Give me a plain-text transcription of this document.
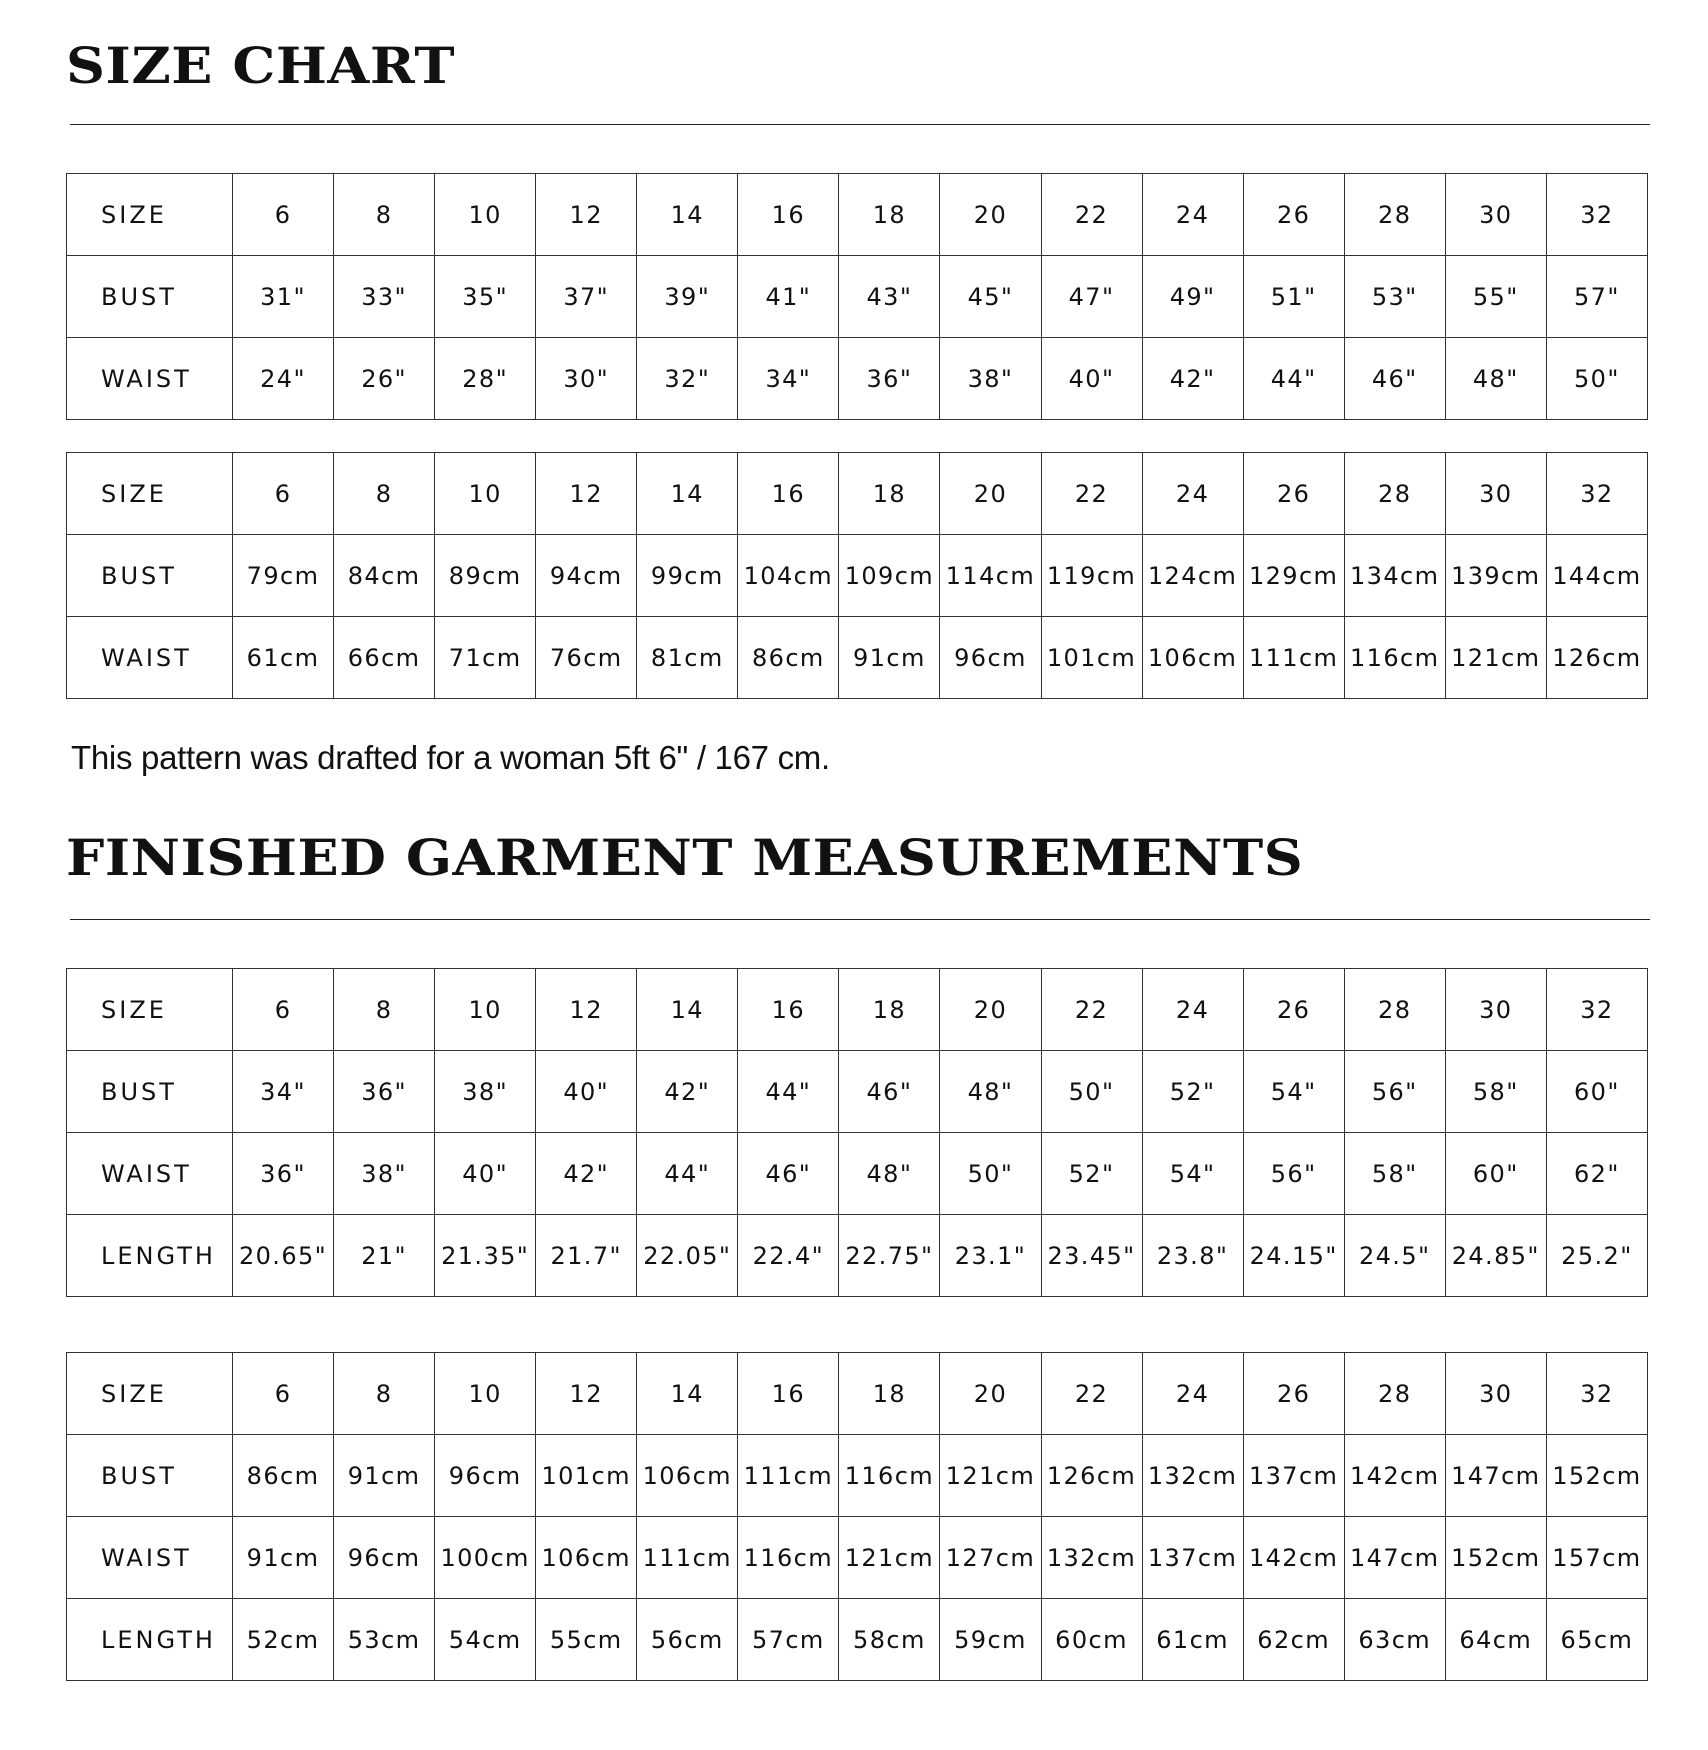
SIZE CHART
SIZE	6	8	10	12	14	16	18	20	22	24	26	28	30	32
BUST	31"	33"	35"	37"	39"	41"	43"	45"	47"	49"	51"	53"	55"	57"
WAIST	24"	26"	28"	30"	32"	34"	36"	38"	40"	42"	44"	46"	48"	50"
SIZE	6	8	10	12	14	16	18	20	22	24	26	28	30	32
BUST	79cm	84cm	89cm	94cm	99cm	104cm	109cm	114cm	119cm	124cm	129cm	134cm	139cm	144cm
WAIST	61cm	66cm	71cm	76cm	81cm	86cm	91cm	96cm	101cm	106cm	111cm	116cm	121cm	126cm

This pattern was drafted for a woman 5ft 6" / 167 cm.

FINISHED GARMENT MEASUREMENTS
SIZE	6	8	10	12	14	16	18	20	22	24	26	28	30	32
BUST	34"	36"	38"	40"	42"	44"	46"	48"	50"	52"	54"	56"	58"	60"
WAIST	36"	38"	40"	42"	44"	46"	48"	50"	52"	54"	56"	58"	60"	62"
LENGTH	20.65"	21"	21.35"	21.7"	22.05"	22.4"	22.75"	23.1"	23.45"	23.8"	24.15"	24.5"	24.85"	25.2"
SIZE	6	8	10	12	14	16	18	20	22	24	26	28	30	32
BUST	86cm	91cm	96cm	101cm	106cm	111cm	116cm	121cm	126cm	132cm	137cm	142cm	147cm	152cm
WAIST	91cm	96cm	100cm	106cm	111cm	116cm	121cm	127cm	132cm	137cm	142cm	147cm	152cm	157cm
LENGTH	52cm	53cm	54cm	55cm	56cm	57cm	58cm	59cm	60cm	61cm	62cm	63cm	64cm	65cm
